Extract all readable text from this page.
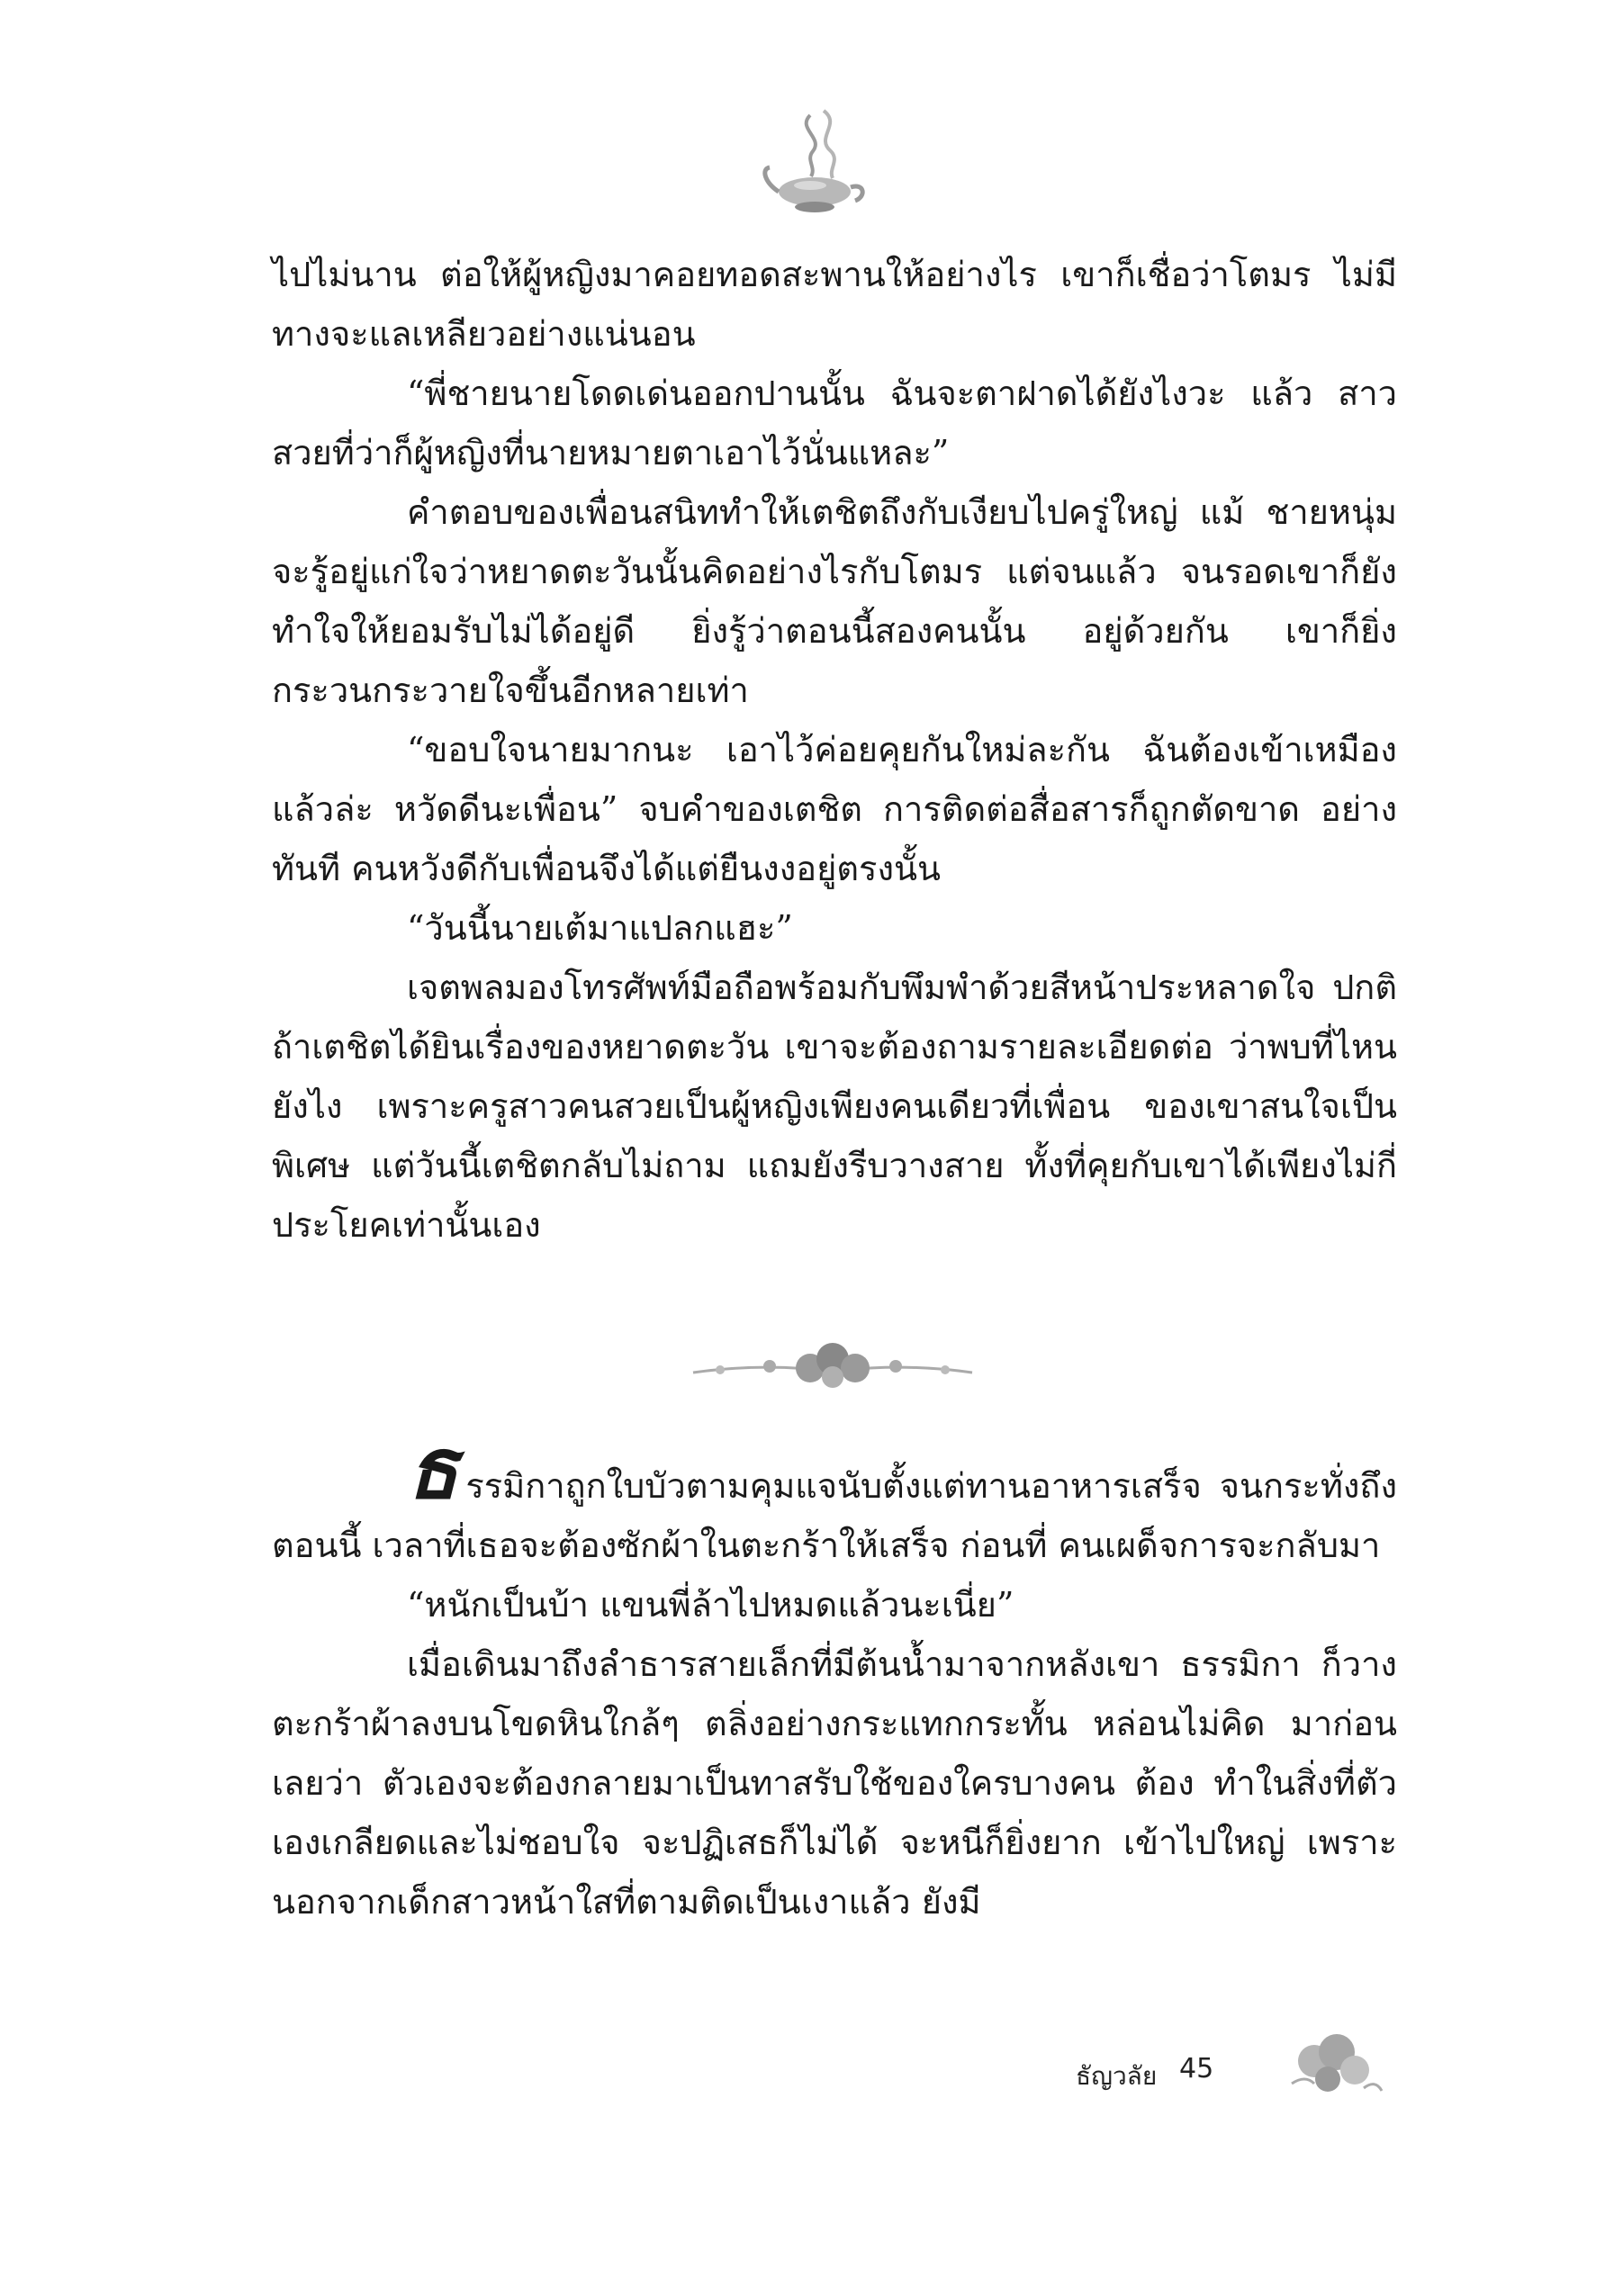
ไปไม่นาน ต่อให้ผู้หญิงมาคอยทอดสะพานให้อย่างไร เขาก็เชื่อว่าโตมร ไม่มีทางจะแลเหลียวอย่างแน่นอน

“พี่ชายนายโดดเด่นออกปานนั้น ฉันจะตาฝาดได้ยังไงวะ แล้ว สาวสวยที่ว่าก็ผู้หญิงที่นายหมายตาเอาไว้นั่นแหละ”

คำตอบของเพื่อนสนิททำให้เตชิตถึงกับเงียบไปครู่ใหญ่ แม้ ชายหนุ่มจะรู้อยู่แก่ใจว่าหยาดตะวันนั้นคิดอย่างไรกับโตมร แต่จนแล้ว จนรอดเขาก็ยังทำใจให้ยอมรับไม่ได้อยู่ดี ยิ่งรู้ว่าตอนนี้สองคนนั้น อยู่ด้วยกัน เขาก็ยิ่งกระวนกระวายใจขึ้นอีกหลายเท่า

“ขอบใจนายมากนะ เอาไว้ค่อยคุยกันใหม่ละกัน ฉันต้องเข้าเหมือง แล้วล่ะ หวัดดีนะเพื่อน” จบคำของเตชิต การติดต่อสื่อสารก็ถูกตัดขาด อย่างทันที คนหวังดีกับเพื่อนจึงได้แต่ยืนงงอยู่ตรงนั้น

“วันนี้นายเต้มาแปลกแฮะ”

เจตพลมองโทรศัพท์มือถือพร้อมกับพึมพำด้วยสีหน้าประหลาดใจ ปกติถ้าเตชิตได้ยินเรื่องของหยาดตะวัน เขาจะต้องถามรายละเอียดต่อ ว่าพบที่ไหนยังไง เพราะครูสาวคนสวยเป็นผู้หญิงเพียงคนเดียวที่เพื่อน ของเขาสนใจเป็นพิเศษ แต่วันนี้เตชิตกลับไม่ถาม แถมยังรีบวางสาย ทั้งที่คุยกับเขาได้เพียงไม่กี่ประโยคเท่านั้นเอง

ธรรมิกาถูกใบบัวตามคุมแจนับตั้งแต่ทานอาหารเสร็จ จนกระทั่งถึงตอนนี้ เวลาที่เธอจะต้องซักผ้าในตะกร้าให้เสร็จ ก่อนที่ คนเผด็จการจะกลับมา

“หนักเป็นบ้า แขนพี่ล้าไปหมดแล้วนะเนี่ย”

เมื่อเดินมาถึงลำธารสายเล็กที่มีต้นน้ำมาจากหลังเขา ธรรมิกา ก็วางตะกร้าผ้าลงบนโขดหินใกล้ๆ ตลิ่งอย่างกระแทกกระทั้น หล่อนไม่คิด มาก่อนเลยว่า ตัวเองจะต้องกลายมาเป็นทาสรับใช้ของใครบางคน ต้อง ทำในสิ่งที่ตัวเองเกลียดและไม่ชอบใจ จะปฏิเสธก็ไม่ได้ จะหนีก็ยิ่งยาก เข้าไปใหญ่ เพราะนอกจากเด็กสาวหน้าใสที่ตามติดเป็นเงาแล้ว ยังมี

ธัญวลัย 45
